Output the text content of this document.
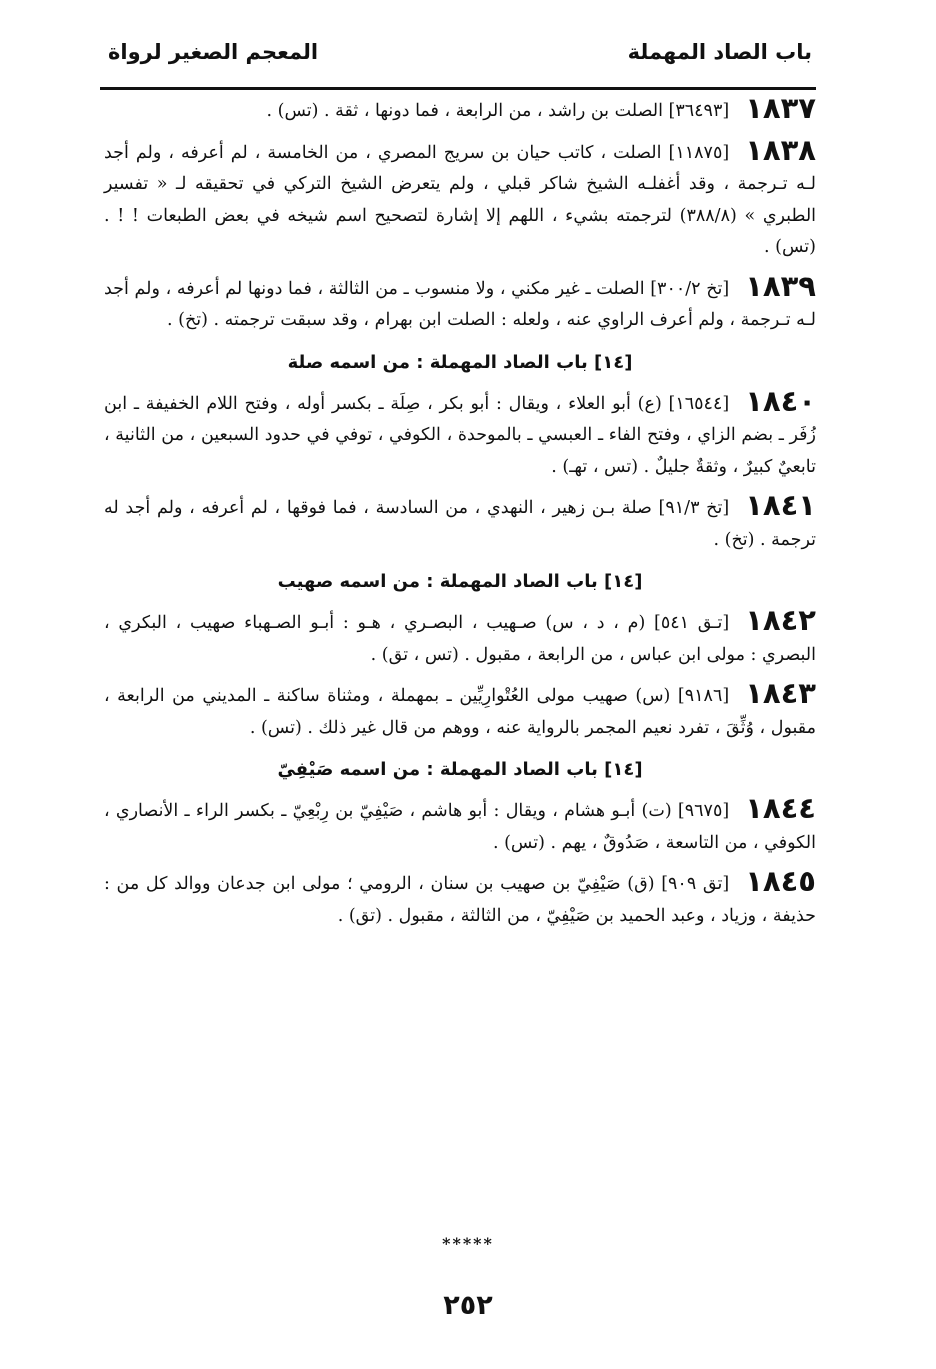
باب الصاد المهملة
المعجم الصغير لرواة

١٨٣٧[٣٦٤٩٣] الصلت بن راشد ، من الرابعة ، فما دونها ، ثقة . (تس) .

١٨٣٨[١١٨٧٥] الصلت ، كاتب حيان بن سريج المصري ، من الخامسة ، لم أعرفه ، ولم أجد لـه تـرجمة ، وقد أغفلـه الشيخ شاكر قبلي ، ولم يتعرض الشيخ التركي في تحقيقه لـ « تفسير الطبري » (٣٨٨/٨) لترجمته بشيء ، اللهم إلا إشارة لتصحيح اسم شيخه في بعض الطبعات ! ! . (تس) .

١٨٣٩[تخ ٣٠٠/٢] الصلت ـ غير مكني ، ولا منسوب ـ من الثالثة ، فما دونها لم أعرفه ، ولم أجد لـه تـرجمة ، ولم أعرف الراوي عنه ، ولعله : الصلت ابن بهرام ، وقد سبقت ترجمته . (تخ) .

[١٤] باب الصاد المهملة : من اسمه صلة

١٨٤٠[١٦٥٤٤] (ع) أبو العلاء ، ويقال : أبو بكر ، صِلَة ـ بكسر أوله ، وفتح اللام الخفيفة ـ ابن زُفَر ـ بضم الزاي ، وفتح الفاء ـ العبسي ـ بالموحدة ، الكوفي ، توفي في حدود السبعين ، من الثانية ، تابعيٌ كبيرٌ ، وثقةٌ جليلٌ . (تس ، تهـ) .

١٨٤١[تخ ٩١/٣] صلة بـن زهير ، النهدي ، من السادسة ، فما فوقها ، لم أعرفه ، ولم أجد له ترجمة . (تخ) .

[١٤] باب الصاد المهملة : من اسمه صهيب

١٨٤٢[تـق ٥٤١] (م ، د ، س) صـهيب ، البصـري ، هـو : أبـو الصـهباء صهيب ، البكري ، البصري : مولى ابن عباس ، من الرابعة ، مقبول . (تس ، تق) .

١٨٤٣[٩١٨٦] (س) صهيب مولى العُتْوارِيِّين ـ بمهملة ، ومثناة ساكنة ـ المديني من الرابعة ، مقبول ، وُثِّقَ ، تفرد نعيم المجمر بالرواية عنه ، ووهم من قال غير ذلك . (تس) .

[١٤] باب الصاد المهملة : من اسمه صَيْفِيّ

١٨٤٤[٩٦٧٥] (ت) أبـو هشام ، ويقال : أبو هاشم ، صَيْفِيّ بن رِبْعِيّ ـ بكسر الراء ـ الأنصاري ، الكوفي ، من التاسعة ، صَدُوقٌ ، يهم . (تس) .

١٨٤٥[تق ٩٠٩] (ق) صَيْفِيّ بن صهيب بن سنان ، الرومي ؛ مولى ابن جدعان ووالد كل من : حذيفة ، وزياد ، وعبد الحميد بن صَيْفِيّ ، من الثالثة ، مقبول . (تق) .

*****
٢٥٢
